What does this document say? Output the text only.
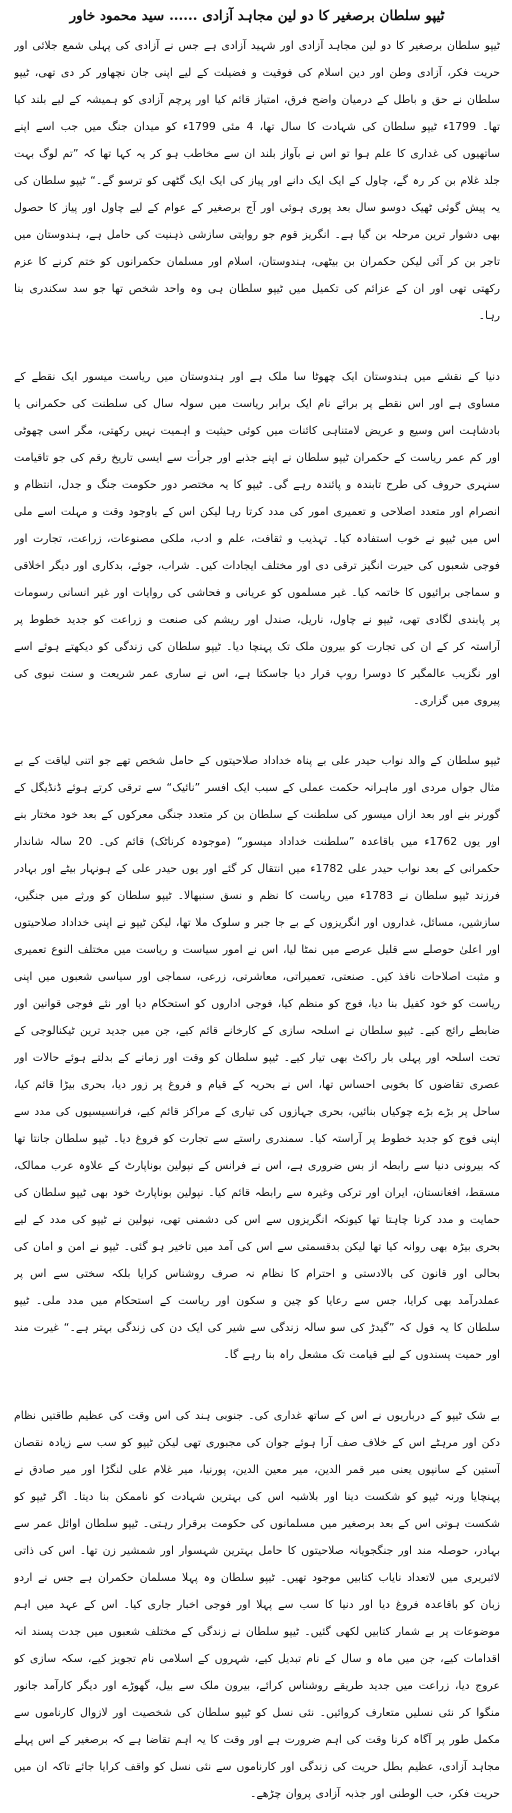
ٹیپو سلطان برصغیر کا دو لین مجاہد آزادی ...... سید محمود خاور

ٹیپو سلطان برصغیر کا دو لین مجاہد آزادی اور شہید آزادی ہے جس نے آزادی کی پہلی شمع جلائی اور حریت فکر، آزادی وطن اور دین اسلام کی فوقیت و فضیلت کے لیے اپنی جان نچھاور کر دی تھی، ٹیپو سلطان نے حق و باطل کے درمیان واضح فرق، امتیاز قائم کیا اور پرچم آزادی کو ہمیشہ کے لیے بلند کیا تھا۔ 1799ء ٹیپو سلطان کی شہادت کا سال تھا، 4 مئی 1799ء کو میدان جنگ میں جب اسے اپنے ساتھیوں کی غداری کا علم ہوا تو اس نے بآواز بلند ان سے مخاطب ہو کر یہ کہا تھا کہ ”تم لوگ بہت جلد غلام بن کر رہ گے، چاول کے ایک ایک دانے اور پیاز کی ایک ایک گٹھی کو ترسو گے۔“ ٹیپو سلطان کی یہ پیش گوئی ٹھیک دوسو سال بعد پوری ہوئی اور آج برصغیر کے عوام کے لیے چاول اور پیاز کا حصول بھی دشوار ترین مرحلہ بن گیا ہے۔ انگریز قوم جو روایتی سازشی ذہنیت کی حامل ہے، ہندوستان میں تاجر بن کر آئی لیکن حکمران بن بیٹھی، ہندوستان، اسلام اور مسلمان حکمرانوں کو ختم کرنے کا عزم رکھتی تھی اور ان کے عزائم کی تکمیل میں ٹیپو سلطان ہی وہ واحد شخص تھا جو سد سکندری بنا رہا۔

دنیا کے نقشے میں ہندوستان ایک چھوٹا سا ملک ہے اور ہندوستان میں ریاست میسور ایک نقطے کے مساوی ہے اور اس نقطے پر برائے نام ایک برابر ریاست میں سولہ سال کی سلطنت کی حکمرانی یا بادشاہت اس وسیع و عریض لامتناہی کائنات میں کوئی حیثیت و اہمیت نہیں رکھتی، مگر اسی چھوٹی اور کم عمر ریاست کے حکمران ٹیپو سلطان نے اپنے جذبے اور جرأت سے ایسی تاریخ رقم کی جو تاقیامت سنہری حروف کی طرح تابندہ و پائندہ رہے گی۔ ٹیپو کا یہ مختصر دور حکومت جنگ و جدل، انتظام و انصرام اور متعدد اصلاحی و تعمیری امور کی مدد کرتا رہا لیکن اس کے باوجود وقت و مہلت اسے ملی اس میں ٹیپو نے خوب استفادہ کیا۔ تہذیب و ثقافت، علم و ادب، ملکی مصنوعات، زراعت، تجارت اور فوجی شعبوں کی حیرت انگیز ترقی دی اور مختلف ایجادات کیں۔ شراب، جوئے، بدکاری اور دیگر اخلاقی و سماجی برائیوں کا خاتمہ کیا۔ غیر مسلموں کو عریانی و فحاشی کی روایات اور غیر انسانی رسومات پر پابندی لگادی تھی، ٹیپو نے چاول، ناریل، صندل اور ریشم کی صنعت و زراعت کو جدید خطوط پر آراستہ کر کے ان کی تجارت کو بیرون ملک تک پہنچا دیا۔ ٹیپو سلطان کی زندگی کو دیکھتے ہوئے اسے اور نگزیب عالمگیر کا دوسرا روپ قرار دیا جاسکتا ہے، اس نے ساری عمر شریعت و سنت نبوی کی پیروی میں گزاری۔

ٹیپو سلطان کے والد نواب حیدر علی بے پناہ خداداد صلاحیتوں کے حامل شخص تھے جو اتنی لیاقت کے بے مثال جواں مردی اور ماہرانہ حکمت عملی کے سبب ایک افسر ”نائیک“ سے ترقی کرتے ہوئے ڈنڈیگل کے گورنر بنے اور بعد ازاں میسور کی سلطنت کے سلطان بن کر متعدد جنگی معرکوں کے بعد خود مختار بنے اور یوں 1762ء میں باقاعدہ ”سلطنت خداداد میسور“ (موجودہ کرناٹک) قائم کی۔ 20 سالہ شاندار حکمرانی کے بعد نواب حیدر علی 1782ء میں انتقال کر گئے اور یوں حیدر علی کے ہونہار بیٹے اور بہادر فرزند ٹیپو سلطان نے 1783ء میں ریاست کا نظم و نسق سنبھالا۔ ٹیپو سلطان کو ورثے میں جنگیں، سازشیں، مسائل، غداروں اور انگریزوں کے بے جا جبر و سلوک ملا تھا، لیکن ٹیپو نے اپنی خداداد صلاحیتوں اور اعلیٰ حوصلے سے قلیل عرصے میں نمٹا لیا، اس نے امور سیاست و ریاست میں مختلف النوع تعمیری و مثبت اصلاحات نافذ کیں۔ صنعتی، تعمیراتی، معاشرتی، زرعی، سماجی اور سیاسی شعبوں میں اپنی ریاست کو خود کفیل بنا دیا، فوج کو منظم کیا، فوجی اداروں کو استحکام دیا اور نئے فوجی قوانین اور ضابطے رائج کیے۔ ٹیپو سلطان نے اسلحہ سازی کے کارخانے قائم کیے، جن میں جدید ترین ٹیکنالوجی کے تحت اسلحہ اور پہلی بار راکٹ بھی تیار کیے۔ ٹیپو سلطان کو وقت اور زمانے کے بدلتے ہوئے حالات اور عصری تقاضوں کا بخوبی احساس تھا، اس نے بحریہ کے قیام و فروغ پر زور دیا، بحری بیڑا قائم کیا، ساحل پر بڑے بڑے چوکیاں بنائیں، بحری جہازوں کی تیاری کے مراکز قائم کیے، فرانسیسیوں کی مدد سے اپنی فوج کو جدید خطوط پر آراستہ کیا۔ سمندری راستے سے تجارت کو فروغ دیا۔ ٹیپو سلطان جانتا تھا کہ بیرونی دنیا سے رابطہ از بس ضروری ہے، اس نے فرانس کے نپولین بوناپارٹ کے علاوہ عرب ممالک، مسقط، افغانستان، ایران اور ترکی وغیرہ سے رابطہ قائم کیا۔ نپولین بوناپارٹ خود بھی ٹیپو سلطان کی حمایت و مدد کرنا چاہتا تھا کیونکہ انگریزوں سے اس کی دشمنی تھی، نپولین نے ٹیپو کی مدد کے لیے بحری بیڑہ بھی روانہ کیا تھا لیکن بدقسمتی سے اس کی آمد میں تاخیر ہو گئی۔ ٹیپو نے امن و امان کی بحالی اور قانون کی بالادستی و احترام کا نظام نہ صرف روشناس کرایا بلکہ سختی سے اس پر عملدرآمد بھی کرایا، جس سے رعایا کو چین و سکون اور ریاست کے استحکام میں مدد ملی۔ ٹیپو سلطان کا یہ قول کہ ”گیدڑ کی سو سالہ زندگی سے شیر کی ایک دن کی زندگی بہتر ہے۔“ غیرت مند اور حمیت پسندوں کے لیے قیامت تک مشعل راہ بنا رہے گا۔

بے شک ٹیپو کے درباریوں نے اس کے ساتھ غداری کی۔ جنوبی ہند کی اس وقت کی عظیم طاقتیں نظام دکن اور مرہٹے اس کے خلاف صف آرا ہوئے جوان کی مجبوری تھی لیکن ٹیپو کو سب سے زیادہ نقصان آستین کے سانپوں یعنی میر قمر الدین، میر معین الدین، پورنیا، میر غلام علی لنگڑا اور میر صادق نے پہنچایا ورنہ ٹیپو کو شکست دینا اور بلاشبہ اس کی بہترین شہادت کو ناممکن بنا دیتا۔ اگر ٹیپو کو شکست ہوتی اس کے بعد برصغیر میں مسلمانوں کی حکومت برقرار رہتی۔ ٹیپو سلطان اوائل عمر سے بہادر، حوصلہ مند اور جنگجویانہ صلاحیتوں کا حامل بہترین شہسوار اور شمشیر زن تھا۔ اس کی ذاتی لائبریری میں لاتعداد نایاب کتابیں موجود تھیں۔ ٹیپو سلطان وہ پہلا مسلمان حکمران ہے جس نے اردو زبان کو باقاعدہ فروغ دیا اور دنیا کا سب سے پہلا اور فوجی اخبار جاری کیا۔ اس کے عہد میں اہم موضوعات پر بے شمار کتابیں لکھی گئیں۔ ٹیپو سلطان نے زندگی کے مختلف شعبوں میں جدت پسند انہ اقدامات کیے، جن میں ماہ و سال کے نام تبدیل کیے، شہروں کے اسلامی نام تجویز کیے، سکہ سازی کو عروج دیا، زراعت میں جدید طریقے روشناس کرائے، بیرون ملک سے بیل، گھوڑے اور دیگر کارآمد جانور منگوا کر نئی نسلیں متعارف کروائیں۔ نئی نسل کو ٹیپو سلطان کی شخصیت اور لازوال کارناموں سے مکمل طور پر آگاہ کرنا وقت کی اہم ضرورت ہے اور وقت کا یہ اہم تقاضا ہے کہ برصغیر کے اس پہلے مجاہد آزادی، عظیم بطل حریت کی زندگی اور کارناموں سے نئی نسل کو واقف کرایا جائے تاکہ ان میں حریت فکر، حب الوطنی اور جذبہ آزادی پروان چڑھے۔
